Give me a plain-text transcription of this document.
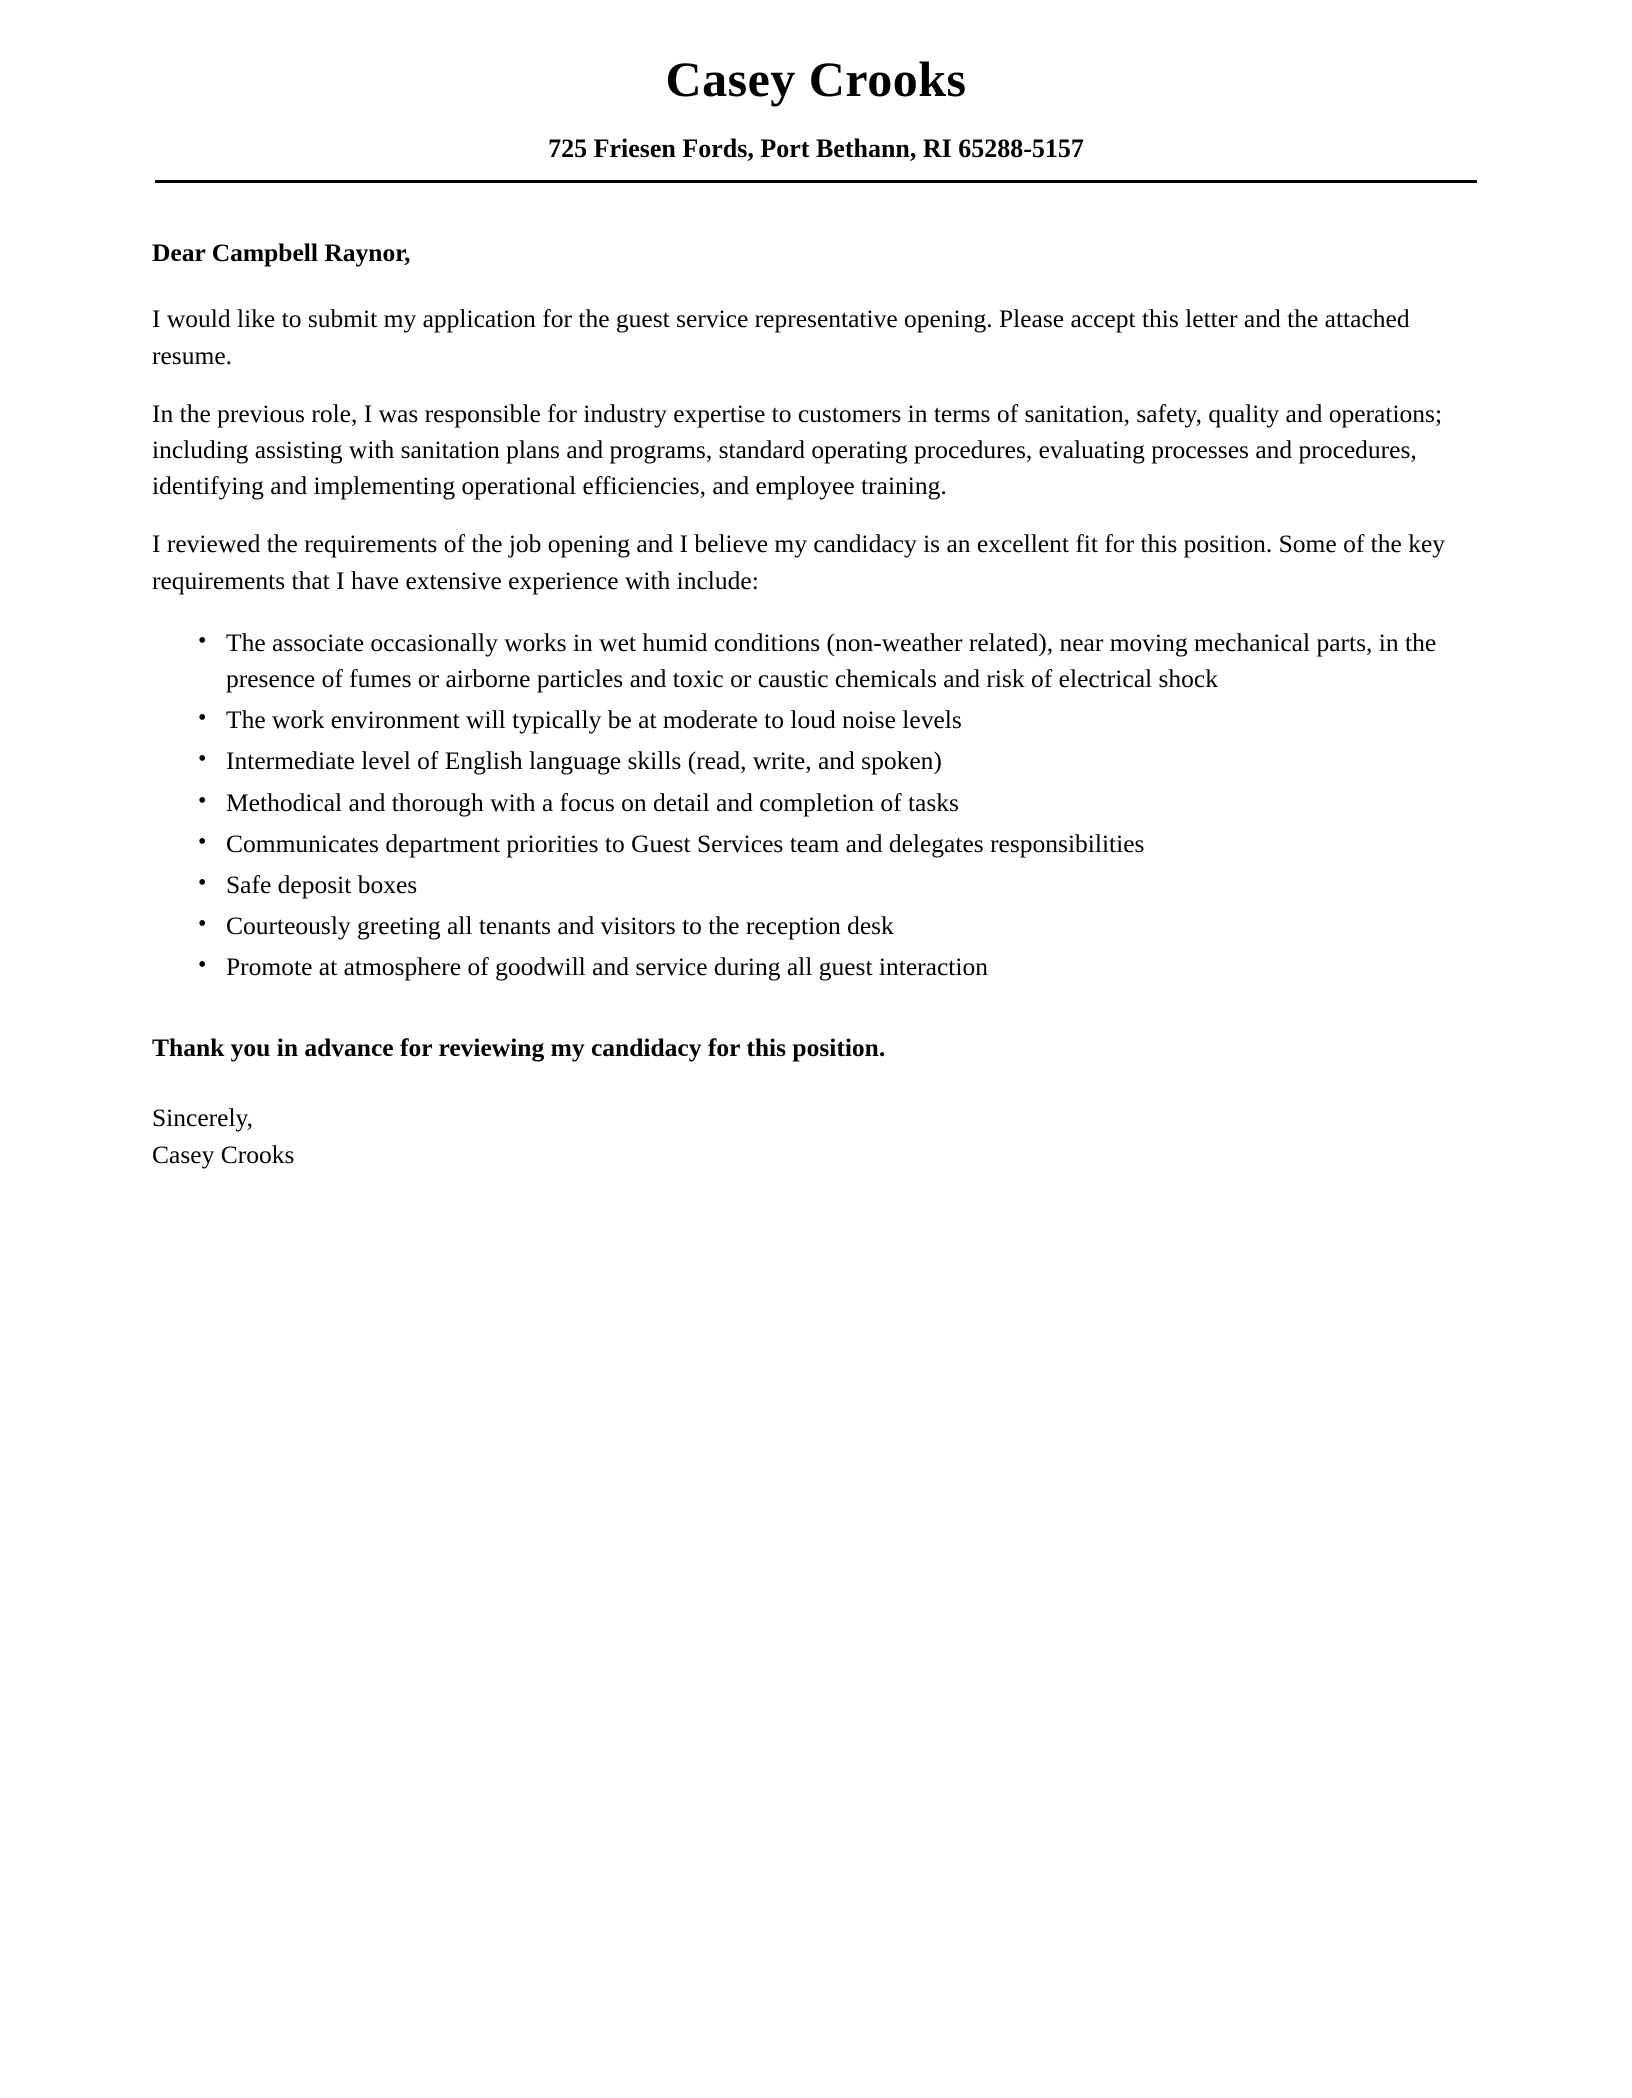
Casey Crooks
725 Friesen Fords, Port Bethann, RI 65288-5157

Dear Campbell Raynor,

I would like to submit my application for the guest service representative opening. Please accept this letter and the attached resume.

In the previous role, I was responsible for industry expertise to customers in terms of sanitation, safety, quality and operations; including assisting with sanitation plans and programs, standard operating procedures, evaluating processes and procedures, identifying and implementing operational efficiencies, and employee training.

I reviewed the requirements of the job opening and I believe my candidacy is an excellent fit for this position. Some of the key requirements that I have extensive experience with include:

• The associate occasionally works in wet humid conditions (non-weather related), near moving mechanical parts, in the presence of fumes or airborne particles and toxic or caustic chemicals and risk of electrical shock
• The work environment will typically be at moderate to loud noise levels
• Intermediate level of English language skills (read, write, and spoken)
• Methodical and thorough with a focus on detail and completion of tasks
• Communicates department priorities to Guest Services team and delegates responsibilities
• Safe deposit boxes
• Courteously greeting all tenants and visitors to the reception desk
• Promote at atmosphere of goodwill and service during all guest interaction

Thank you in advance for reviewing my candidacy for this position.

Sincerely,
Casey Crooks
